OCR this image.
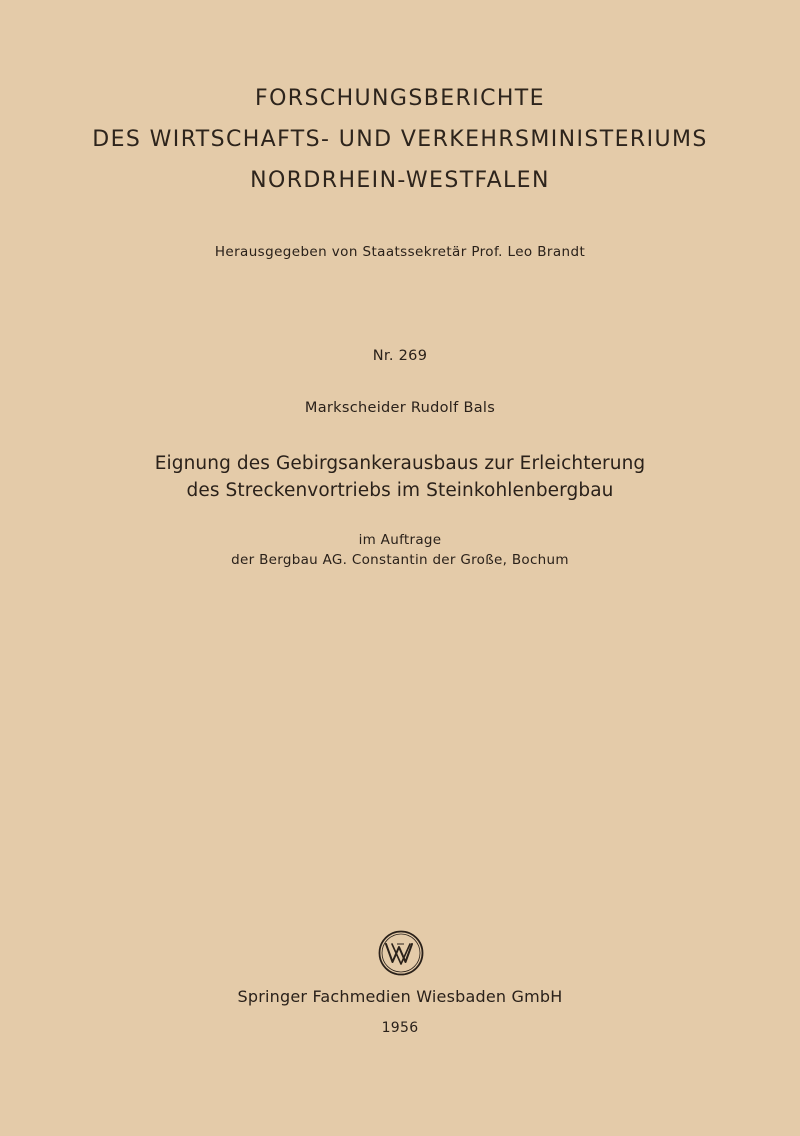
FORSCHUNGSBERICHTE
DES WIRTSCHAFTS- UND VERKEHRSMINISTERIUMS
NORDRHEIN-WESTFALEN
Herausgegeben von Staatssekretär Prof. Leo Brandt
Nr. 269
Markscheider Rudolf Bals
Eignung des Gebirgsankerausbaus zur Erleichterung
des Streckenvortriebs im Steinkohlenbergbau
im Auftrage
der Bergbau AG. Constantin der Große, Bochum
Springer Fachmedien Wiesbaden GmbH
1956
